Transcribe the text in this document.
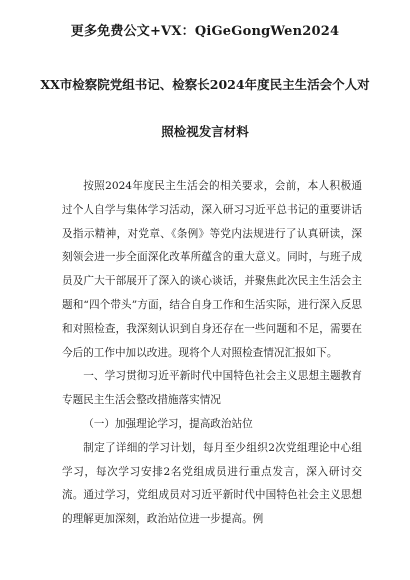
更多免费公文+VX：QiGeGongWen2024
XX市检察院党组书记、检察长2024年度民主生活会个人对
照检视发言材料

按照2024年度民主生活会的相关要求，会前，本人积极通过个人自学与集体学习活动，深入研习习近平总书记的重要讲话及指示精神，对党章、《条例》等党内法规进行了认真研读，深刻领会进一步全面深化改革所蕴含的重大意义。同时，与班子成员及广大干部展开了深入的谈心谈话，并聚焦此次民主生活会主题和“四个带头”方面，结合自身工作和生活实际，进行深入反思和对照检查，我深刻认识到自身还存在一些问题和不足，需要在今后的工作中加以改进。现将个人对照检查情况汇报如下。

一、学习贯彻习近平新时代中国特色社会主义思想主题教育专题民主生活会整改措施落实情况

（一）加强理论学习，提高政治站位

制定了详细的学习计划，每月至少组织2次党组理论中心组学习，每次学习安排2名党组成员进行重点发言，深入研讨交流。通过学习，党组成员对习近平新时代中国特色社会主义思想的理解更加深刻，政治站位进一步提高。例
